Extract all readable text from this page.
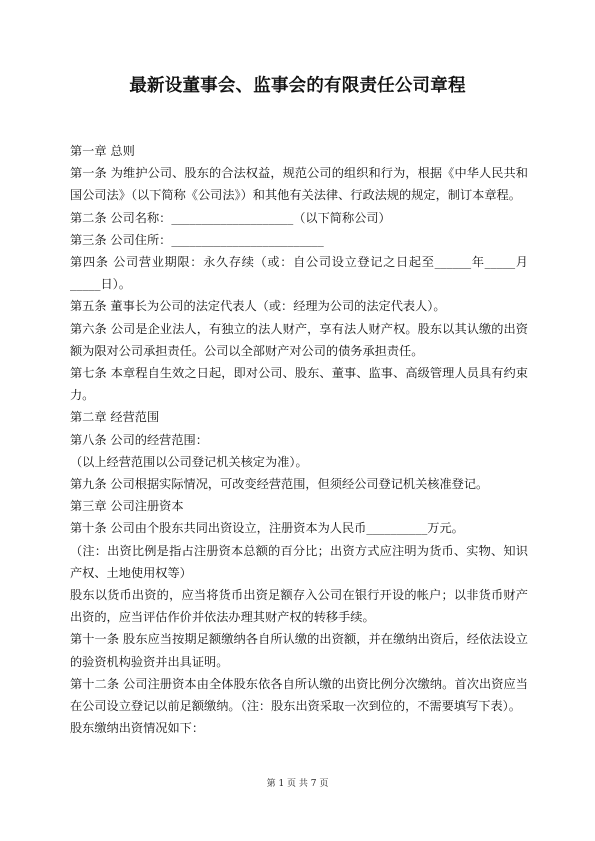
最新设董事会、监事会的有限责任公司章程

第一章 总则

第一条 为维护公司、股东的合法权益，规范公司的组织和行为，根据《中华人民共和国公司法》（以下简称《公司法》）和其他有关法律、行政法规的规定，制订本章程。

第二条 公司名称：____________________（以下简称公司）

第三条 公司住所：_________________________

第四条 公司营业期限：永久存续（或：自公司设立登记之日起至______年_____月_____日）。

第五条 董事长为公司的法定代表人（或：经理为公司的法定代表人）。

第六条 公司是企业法人，有独立的法人财产，享有法人财产权。股东以其认缴的出资额为限对公司承担责任。公司以全部财产对公司的债务承担责任。

第七条 本章程自生效之日起，即对公司、股东、董事、监事、高级管理人员具有约束力。

第二章 经营范围

第八条 公司的经营范围：

（以上经营范围以公司登记机关核定为准）。

第九条 公司根据实际情况，可改变经营范围，但须经公司登记机关核准登记。

第三章 公司注册资本

第十条 公司由个股东共同出资设立，注册资本为人民币__________万元。

（注：出资比例是指占注册资本总额的百分比；出资方式应注明为货币、实物、知识产权、土地使用权等）

股东以货币出资的，应当将货币出资足额存入公司在银行开设的帐户；以非货币财产出资的，应当评估作价并依法办理其财产权的转移手续。

第十一条 股东应当按期足额缴纳各自所认缴的出资额，并在缴纳出资后，经依法设立的验资机构验资并出具证明。

第十二条 公司注册资本由全体股东依各自所认缴的出资比例分次缴纳。首次出资应当在公司设立登记以前足额缴纳。（注：股东出资采取一次到位的，不需要填写下表）。

股东缴纳出资情况如下：

第 1 页 共 7 页
